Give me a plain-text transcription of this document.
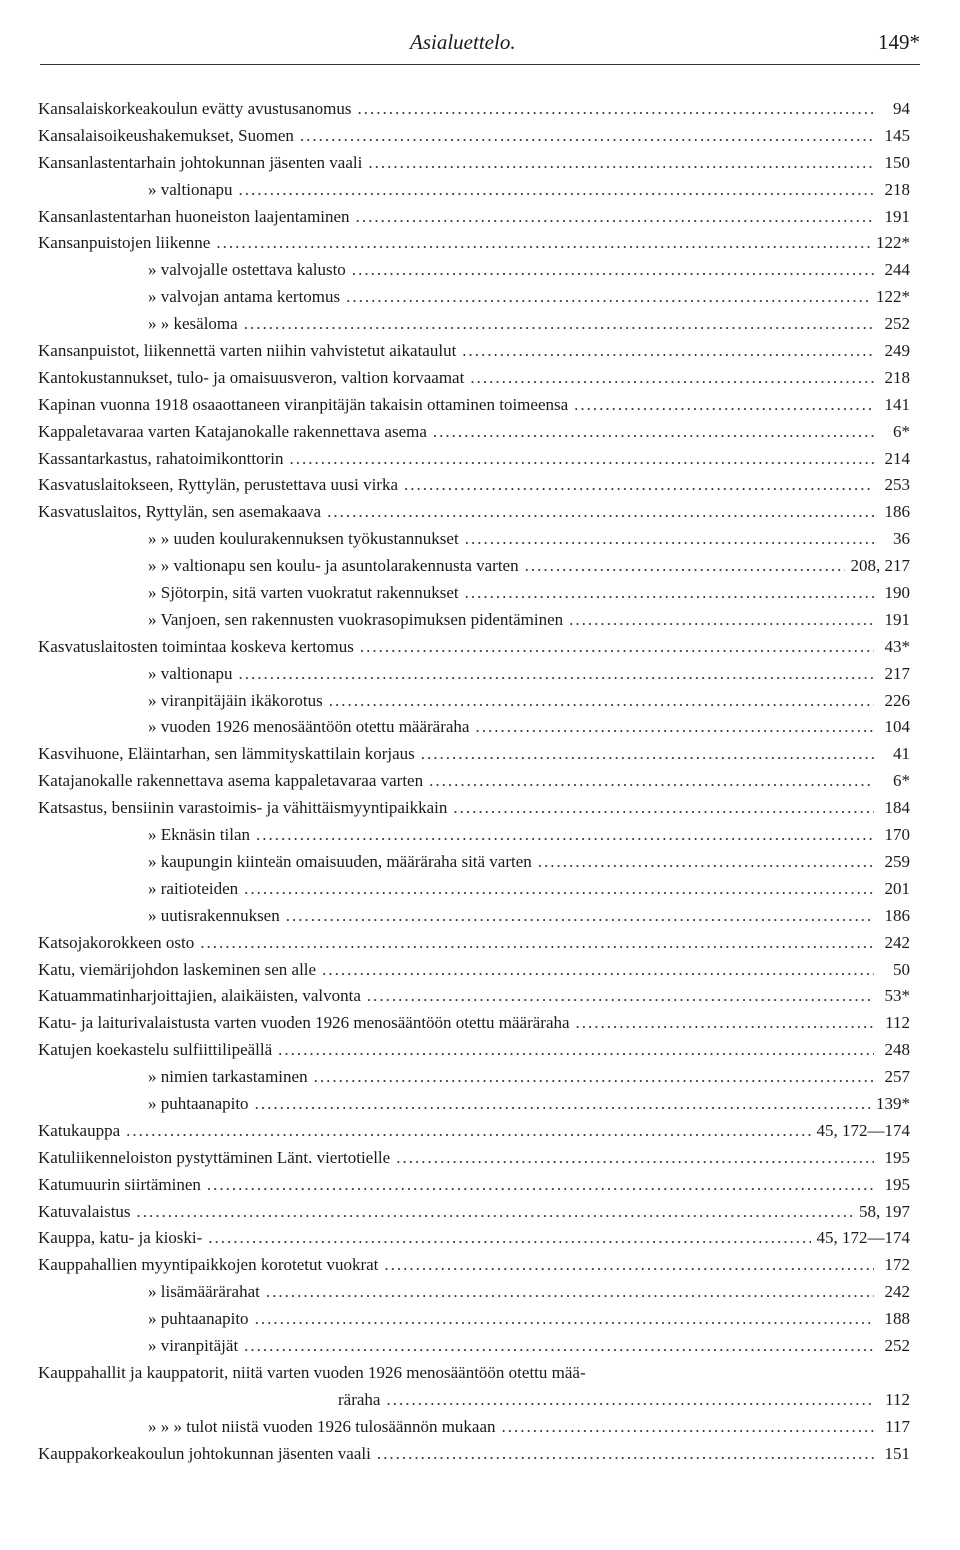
Asialuettelo.	149*
Kansalaiskorkeakoulun evätty avustusanomus .....	94
Kansalaisoikeushakemukset, Suomen .....	145
Kansanlastentarhain johtokunnan jäsenten vaali .....	150
» valtionapu .....	218
Kansanlastentarhan huoneiston laajentaminen .....	191
Kansanpuistojen liikenne .....	122*
» valvojalle ostettava kalusto .....	244
» valvojan antama kertomus .....	122*
» » kesäloma .....	252
Kansanpuistot, liikennettä varten niihin vahvistetut aikataulut .....	249
Kantokustannukset, tulo- ja omaisuusveron, valtion korvaamat .....	218
Kapinan vuonna 1918 osaaottaneen viranpitäjän takaisin ottaminen toimeensa .....	141
Kappaletavaraa varten Katajanokalle rakennettava asema .....	6*
Kassantarkastus, rahatoimikonttorin .....	214
Kasvatuslaitokseen, Ryttylän, perustettava uusi virka .....	253
Kasvatuslaitos, Ryttylän, sen asemakaava .....	186
» » uuden koulurakennuksen työkustannukset .....	36
» » valtionapu sen koulu- ja asuntolarakennusta varten .....	208, 217
» Sjötorpin, sitä varten vuokratut rakennukset .....	190
» Vanjoen, sen rakennusten vuokrasopimuksen pidentäminen .....	191
Kasvatuslaitosten toimintaa koskeva kertomus .....	43*
» valtionapu .....	217
» viranpitäjäin ikäkorotus .....	226
» vuoden 1926 menosääntöön otettu määräraha .....	104
Kasvihuone, Eläintarhan, sen lämmityskattilain korjaus .....	41
Katajanokalle rakennettava asema kappaletavaraa varten .....	6*
Katsastus, bensiinin varastoimis- ja vähittäismyyntipaikkain .....	184
» Eknäsin tilan .....	170
» kaupungin kiinteän omaisuuden, määräraha sitä varten .....	259
» raitioteiden .....	201
» uutisrakennuksen .....	186
Katsojakorokkeen osto .....	242
Katu, viemärijohdon laskeminen sen alle .....	50
Katuammatinharjoittajien, alaikäisten, valvonta .....	53*
Katu- ja laiturivalaistusta varten vuoden 1926 menosääntöön otettu määräraha .....	112
Katujen koekastelu sulfiittilipeällä .....	248
» nimien tarkastaminen .....	257
» puhtaanapito .....	139*
Katukauppa .....	45, 172—174
Katuliikenneloiston pystyttäminen Länt. viertotielle .....	195
Katumuurin siirtäminen .....	195
Katuvalaistus .....	58, 197
Kauppa, katu- ja kioski- .....	45, 172—174
Kauppahallien myyntipaikkojen korotetut vuokrat .....	172
» lisämäärärahat .....	242
» puhtaanapito .....	188
» viranpitäjät .....	252
Kauppahallit ja kauppatorit, niitä varten vuoden 1926 menosääntöön otettu mää-
räraha .....	112
» » » tulot niistä vuoden 1926 tulosäännön mukaan .....	117
Kauppakorkeakoulun johtokunnan jäsenten vaali .....	151
